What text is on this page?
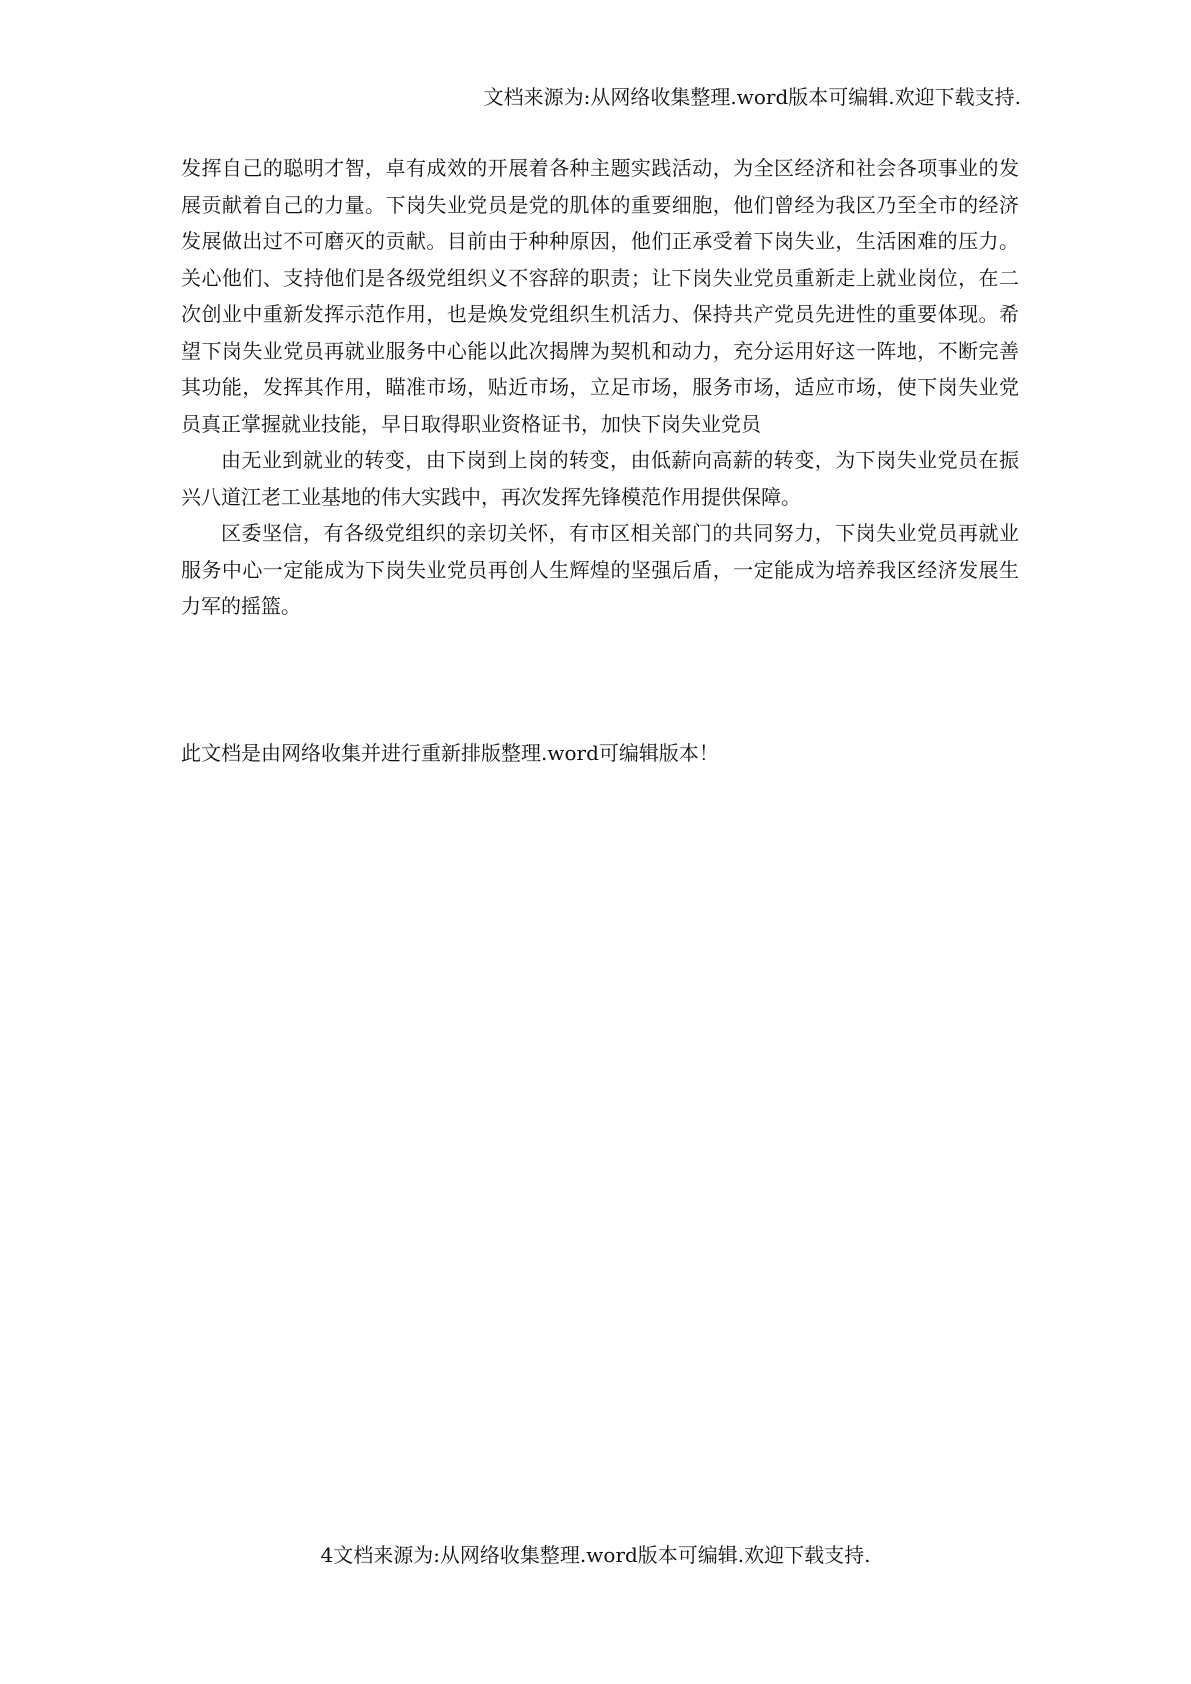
文档来源为:从网络收集整理.word版本可编辑.欢迎下载支持.

发挥自己的聪明才智，卓有成效的开展着各种主题实践活动，为全区经济和社会各项事业的发展贡献着自己的力量。下岗失业党员是党的肌体的重要细胞，他们曾经为我区乃至全市的经济发展做出过不可磨灭的贡献。目前由于种种原因，他们正承受着下岗失业，生活困难的压力。关心他们、支持他们是各级党组织义不容辞的职责；让下岗失业党员重新走上就业岗位，在二次创业中重新发挥示范作用，也是焕发党组织生机活力、保持共产党员先进性的重要体现。希望下岗失业党员再就业服务中心能以此次揭牌为契机和动力，充分运用好这一阵地，不断完善其功能，发挥其作用，瞄准市场，贴近市场，立足市场，服务市场，适应市场，使下岗失业党员真正掌握就业技能，早日取得职业资格证书，加快下岗失业党员

由无业到就业的转变，由下岗到上岗的转变，由低薪向高薪的转变，为下岗失业党员在振兴八道江老工业基地的伟大实践中，再次发挥先锋模范作用提供保障。

区委坚信，有各级党组织的亲切关怀，有市区相关部门的共同努力，下岗失业党员再就业服务中心一定能成为下岗失业党员再创人生辉煌的坚强后盾，一定能成为培养我区经济发展生力军的摇篮。

此文档是由网络收集并进行重新排版整理.word可编辑版本！
4文档来源为:从网络收集整理.word版本可编辑.欢迎下载支持.
